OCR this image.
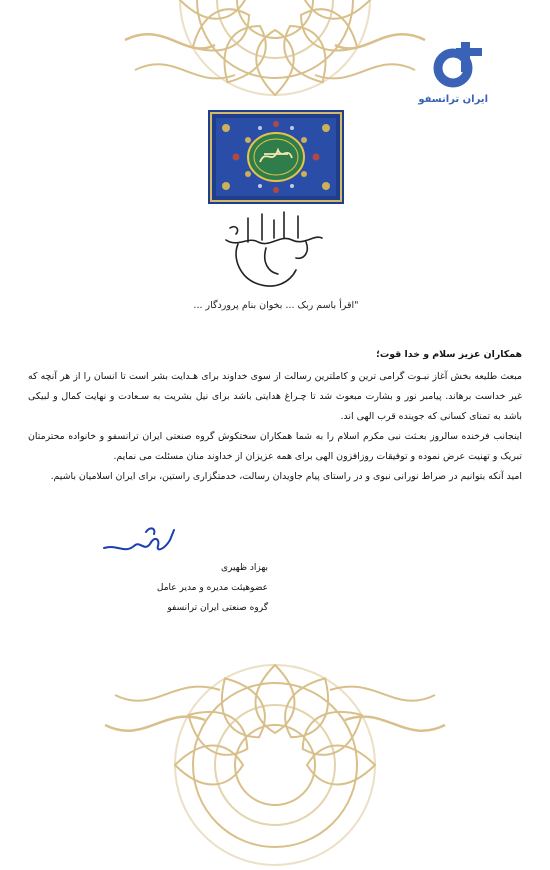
ایران ترانسفو
"اقرأ باسم ربک ... بخوان بنام پروردگار ...

همکاران عزیز سلام و خدا قوت؛

مبعث طلیعه بخش آغاز نبـوت گرامی ترین و کاملترین رسالت از سوی خداوند برای هـدایت بشر است تا انسان را از هر آنچه که غیر خداست برهاند. پیامبر نور و بشارت مبعوث شد تا چـراغ هدایتی باشد برای نیل بشریت به سـعادت و نهایت کمال و لبیکی باشد به تمنای کسانی که جوینده قرب الهی اند.

اینجانب فرخنده سالروز بعـثت نبی مکرم اسلام را به شما همکاران سختکوش گروه صنعتی ایران ترانسفو و خانواده محترمتان تبریک و تهنیت عرض نموده و توفیقات روزافزون الهی برای همه عزیزان از خداوند منان مسئلت می نمایم.

امید آنکه بتوانیم در صراط نورانی نبوی و در راستای پیام جاویدان رسالت، خدمتگزاری راستین، برای ایران اسلامیان باشیم.

بهزاد ظهیری
عضوهیئت مدیره و مدیر عامل
گروه صنعتی ایران ترانسفو
